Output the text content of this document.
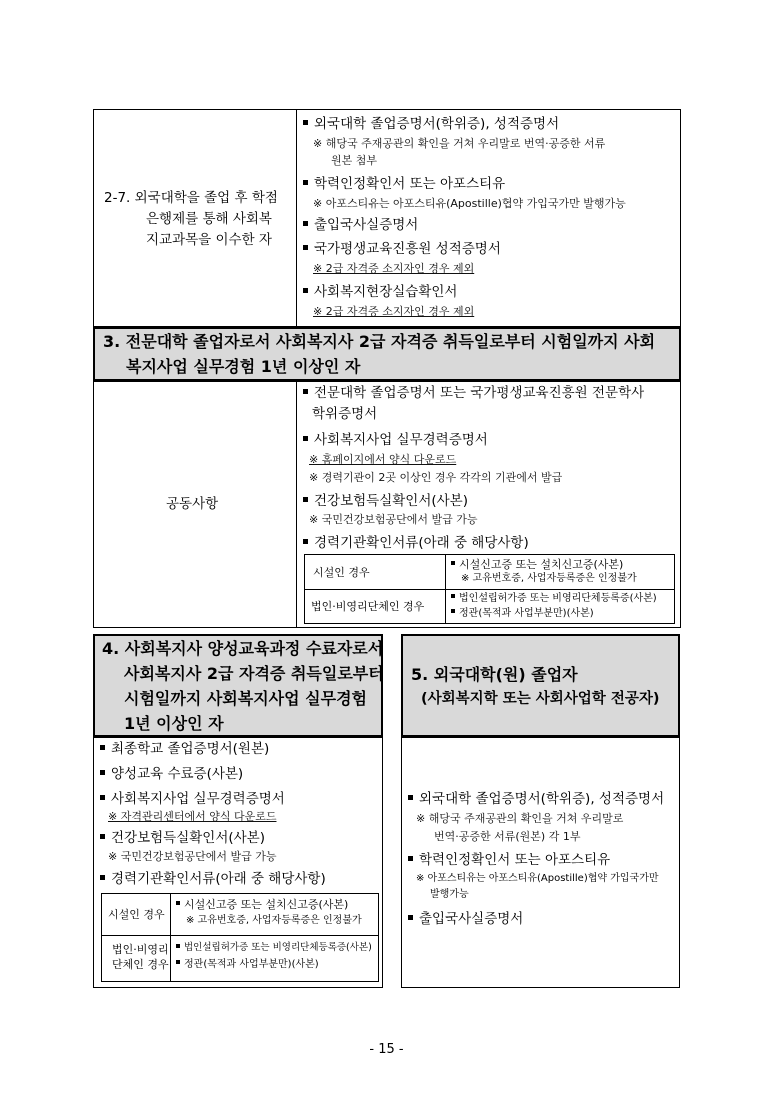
2-7. 외국대학을 졸업 후 학점
은행제를 통해 사회복
지교과목을 이수한 자
외국대학 졸업증명서(학위증), 성적증명서
※ 해당국 주재공관의 확인을 거쳐 우리말로 번역‧공증한 서류
원본 첨부
학력인정확인서 또는 아포스티유
※ 아포스티유는 아포스티유(Apostille)협약 가입국가만 발행가능
출입국사실증명서
국가평생교육진흥원 성적증명서
※ 2급 자격증 소지자인 경우 제외
사회복지현장실습확인서
※ 2급 자격증 소지자인 경우 제외
3. 전문대학 졸업자로서 사회복지사 2급 자격증 취득일로부터 시험일까지 사회
복지사업 실무경험 1년 이상인 자
공동사항
전문대학 졸업증명서 또는 국가평생교육진흥원 전문학사
학위증명서
사회복지사업 실무경력증명서
※ 홈페이지에서 양식 다운로드
※ 경력기관이 2곳 이상인 경우 각각의 기관에서 발급
건강보험득실확인서(사본)
※ 국민건강보험공단에서 발급 가능
경력기관확인서류(아래 중 해당사항)
시설인 경우
시설신고증 또는 설치신고증(사본)
※ 고유번호증, 사업자등록증은 인정불가
법인‧비영리단체인 경우
법인설립허가증 또는 비영리단체등록증(사본)
정관(목적과 사업부분만)(사본)
4. 사회복지사 양성교육과정 수료자로서
사회복지사 2급 자격증 취득일로부터
시험일까지 사회복지사업 실무경험
1년 이상인 자
최종학교 졸업증명서(원본)
양성교육 수료증(사본)
사회복지사업 실무경력증명서
※ 자격관리센터에서 양식 다운로드
건강보험득실확인서(사본)
※ 국민건강보험공단에서 발급 가능
경력기관확인서류(아래 중 해당사항)
시설인 경우
시설신고증 또는 설치신고증(사본)
※ 고유번호증, 사업자등록증은 인정불가
법인‧비영리
단체인 경우
법인설립허가증 또는 비영리단체등록증(사본)
정관(목적과 사업부분만)(사본)
5. 외국대학(원) 졸업자
(사회복지학 또는 사회사업학 전공자)
외국대학 졸업증명서(학위증), 성적증명서
※ 해당국 주재공관의 확인을 거쳐 우리말로
번역‧공증한 서류(원본) 각 1부
학력인정확인서 또는 아포스티유
※ 아포스티유는 아포스티유(Apostille)협약 가입국가만
발행가능
출입국사실증명서
- 15 -
